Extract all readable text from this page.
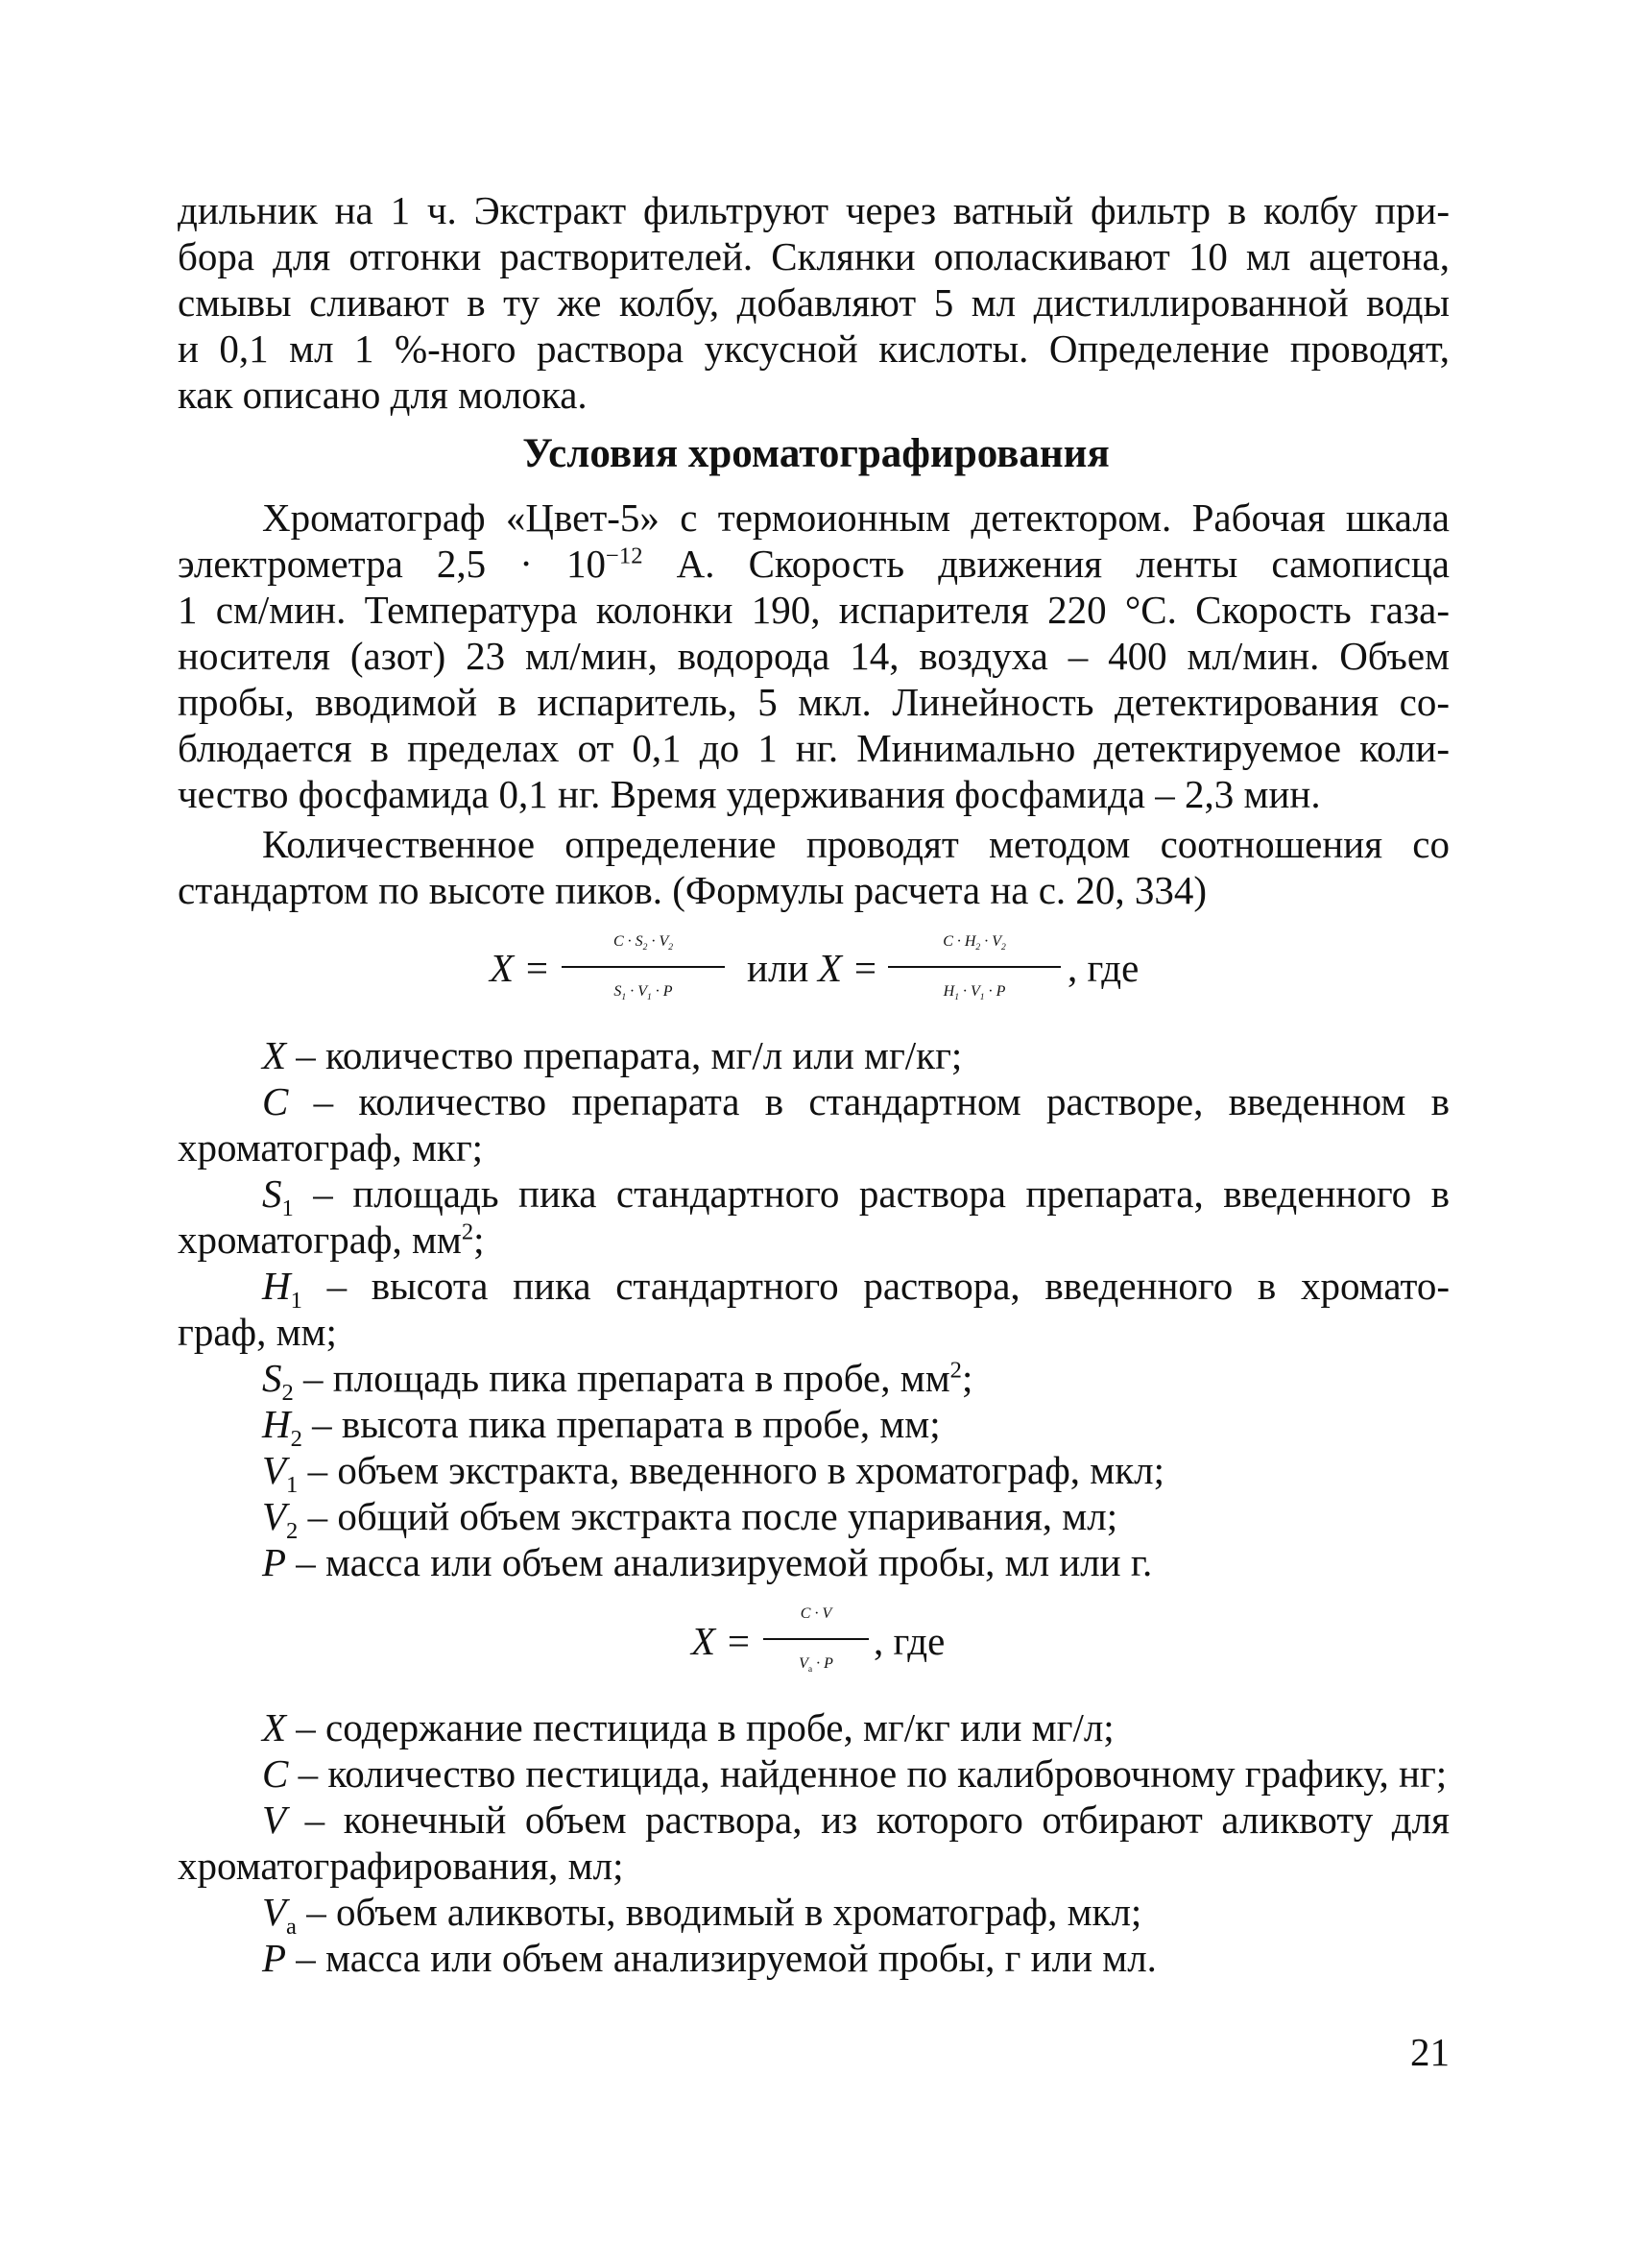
дильник на 1 ч. Экстракт фильтруют через ватный фильтр в колбу при-
бора для отгонки растворителей. Склянки ополаскивают 10 мл ацетона,
смывы сливают в ту же колбу, добавляют 5 мл дистиллированной воды
и 0,1 мл 1 %-ного раствора уксусной кислоты. Определение проводят,
как описано для молока.
Условия хроматографирования
Хроматограф «Цвет-5» с термоионным детектором. Рабочая шкала
электрометра $2,5 \cdot 10^{-12}$ А. Скорость движения ленты самописца
1 см/мин. Температура колонки 190, испарителя 220 °С. Скорость газа-
носителя (азот) 23 мл/мин, водорода 14, воздуха – 400 мл/мин. Объем
пробы, вводимой в испаритель, 5 мкл. Линейность детектирования со-
блюдается в пределах от 0,1 до 1 нг. Минимально детектируемое коли-
чество фосфамида 0,1 нг. Время удерживания фосфамида – 2,3 мин.
Количественное определение проводят методом соотношения со
стандартом по высоте пиков. (Формулы расчета на с. 20, 334)
X =
$C \cdot S_2 \cdot V_2$
$S_1 \cdot V_1 \cdot P$
или X =
$C \cdot H_2 \cdot V_2$
$H_1 \cdot V_1 \cdot P$
, где
X – количество препарата, мг/л или мг/кг;
C – количество препарата в стандартном растворе, введенном в
хроматограф, мкг;
$S_1$ – площадь пика стандартного раствора препарата, введенного в
хроматограф, $мм^2$;
$H_1$ – высота пика стандартного раствора, введенного в хромато-
граф, мм;
$S_2$ – площадь пика препарата в пробе, $мм^2$;
$H_2$ – высота пика препарата в пробе, мм;
$V_1$ – объем экстракта, введенного в хроматограф, мкл;
$V_2$ – общий объем экстракта после упаривания, мл;
P – масса или объем анализируемой пробы, мл или г.
X =
C · V
$V_а \cdot P$
, где
X – содержание пестицида в пробе, мг/кг или мг/л;
C – количество пестицида, найденное по калибровочному графику, нг;
V – конечный объем раствора, из которого отбирают аликвоту для
хроматографирования, мл;
$V_a$ – объем аликвоты, вводимый в хроматограф, мкл;
P – масса или объем анализируемой пробы, г или мл.
21
